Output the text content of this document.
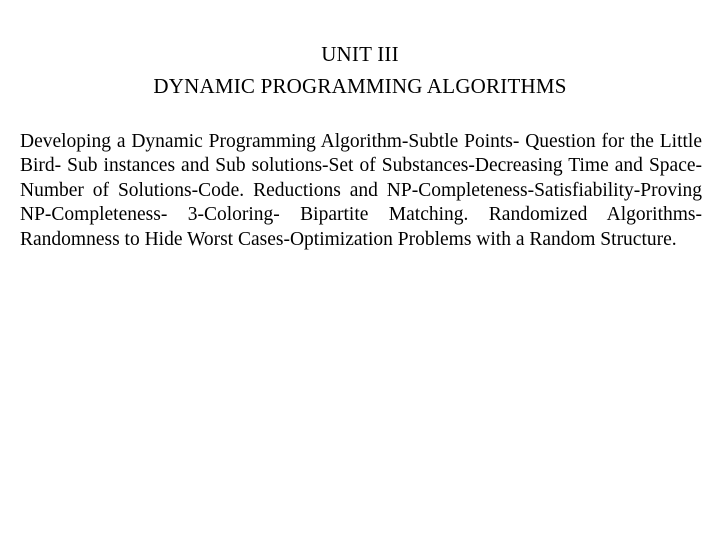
UNIT III
DYNAMIC PROGRAMMING ALGORITHMS
Developing a Dynamic Programming Algorithm-Subtle Points- Question for the Little Bird- Sub instances and Sub solutions-Set of Substances-Decreasing Time and Space-Number of Solutions-Code. Reductions and NP-Completeness-Satisfiability-Proving NP-Completeness- 3-Coloring- Bipartite Matching. Randomized Algorithms-Randomness to Hide Worst Cases-Optimization Problems with a Random Structure.
